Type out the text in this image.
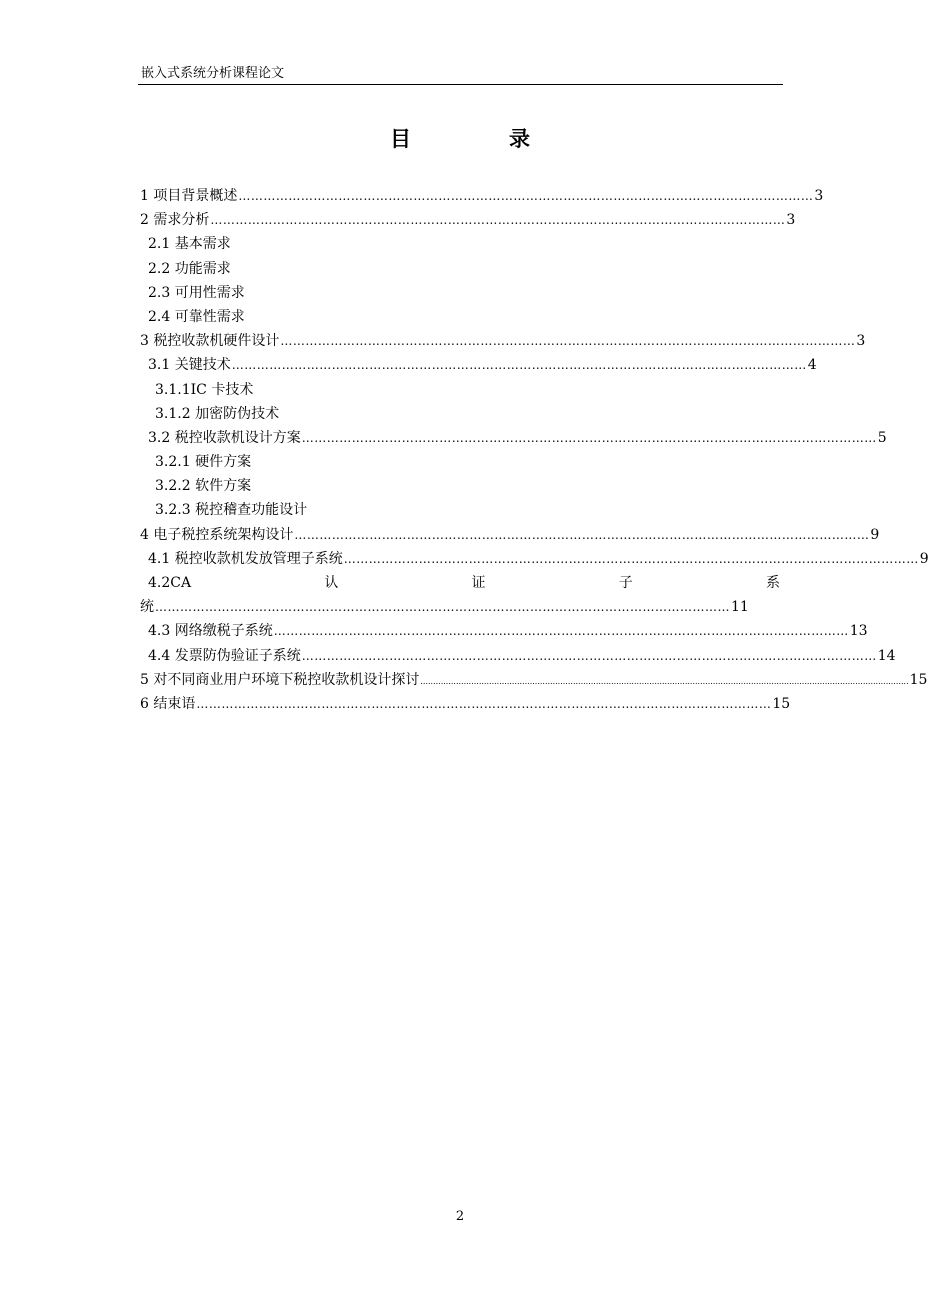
嵌入式系统分析课程论文
目	录
1 项目背景概述 ………………………………………………………………………………………………………………………… 3
2 需求分析 ………………………………………………………………………………………………………………………… 3
2.1 基本需求
2.2 功能需求
2.3 可用性需求
2.4 可靠性需求
3 税控收款机硬件设计 ………………………………………………………………………………………………………………………… 3
3.1 关键技术 ………………………………………………………………………………………………………………………… 4
3.1.1IC 卡技术
3.1.2 加密防伪技术
3.2 税控收款机设计方案 ………………………………………………………………………………………………………………………… 5
3.2.1 硬件方案
3.2.2 软件方案
3.2.3 税控稽查功能设计
4 电子税控系统架构设计 ………………………………………………………………………………………………………………………… 9
4.1 税控收款机发放管理子系统 ………………………………………………………………………………………………………………………… 9
4.2CA	认	证	子	系
统 ………………………………………………………………………………………………………………………… 11
4.3 网络缴税子系统 ………………………………………………………………………………………………………………………… 13
4.4 发票防伪验证子系统 ………………………………………………………………………………………………………………………… 14
5 对不同商业用户环境下税控收款机设计探讨 ................................................................................................................................................................................................ 15
6 结束语 ………………………………………………………………………………………………………………………… 15
2
